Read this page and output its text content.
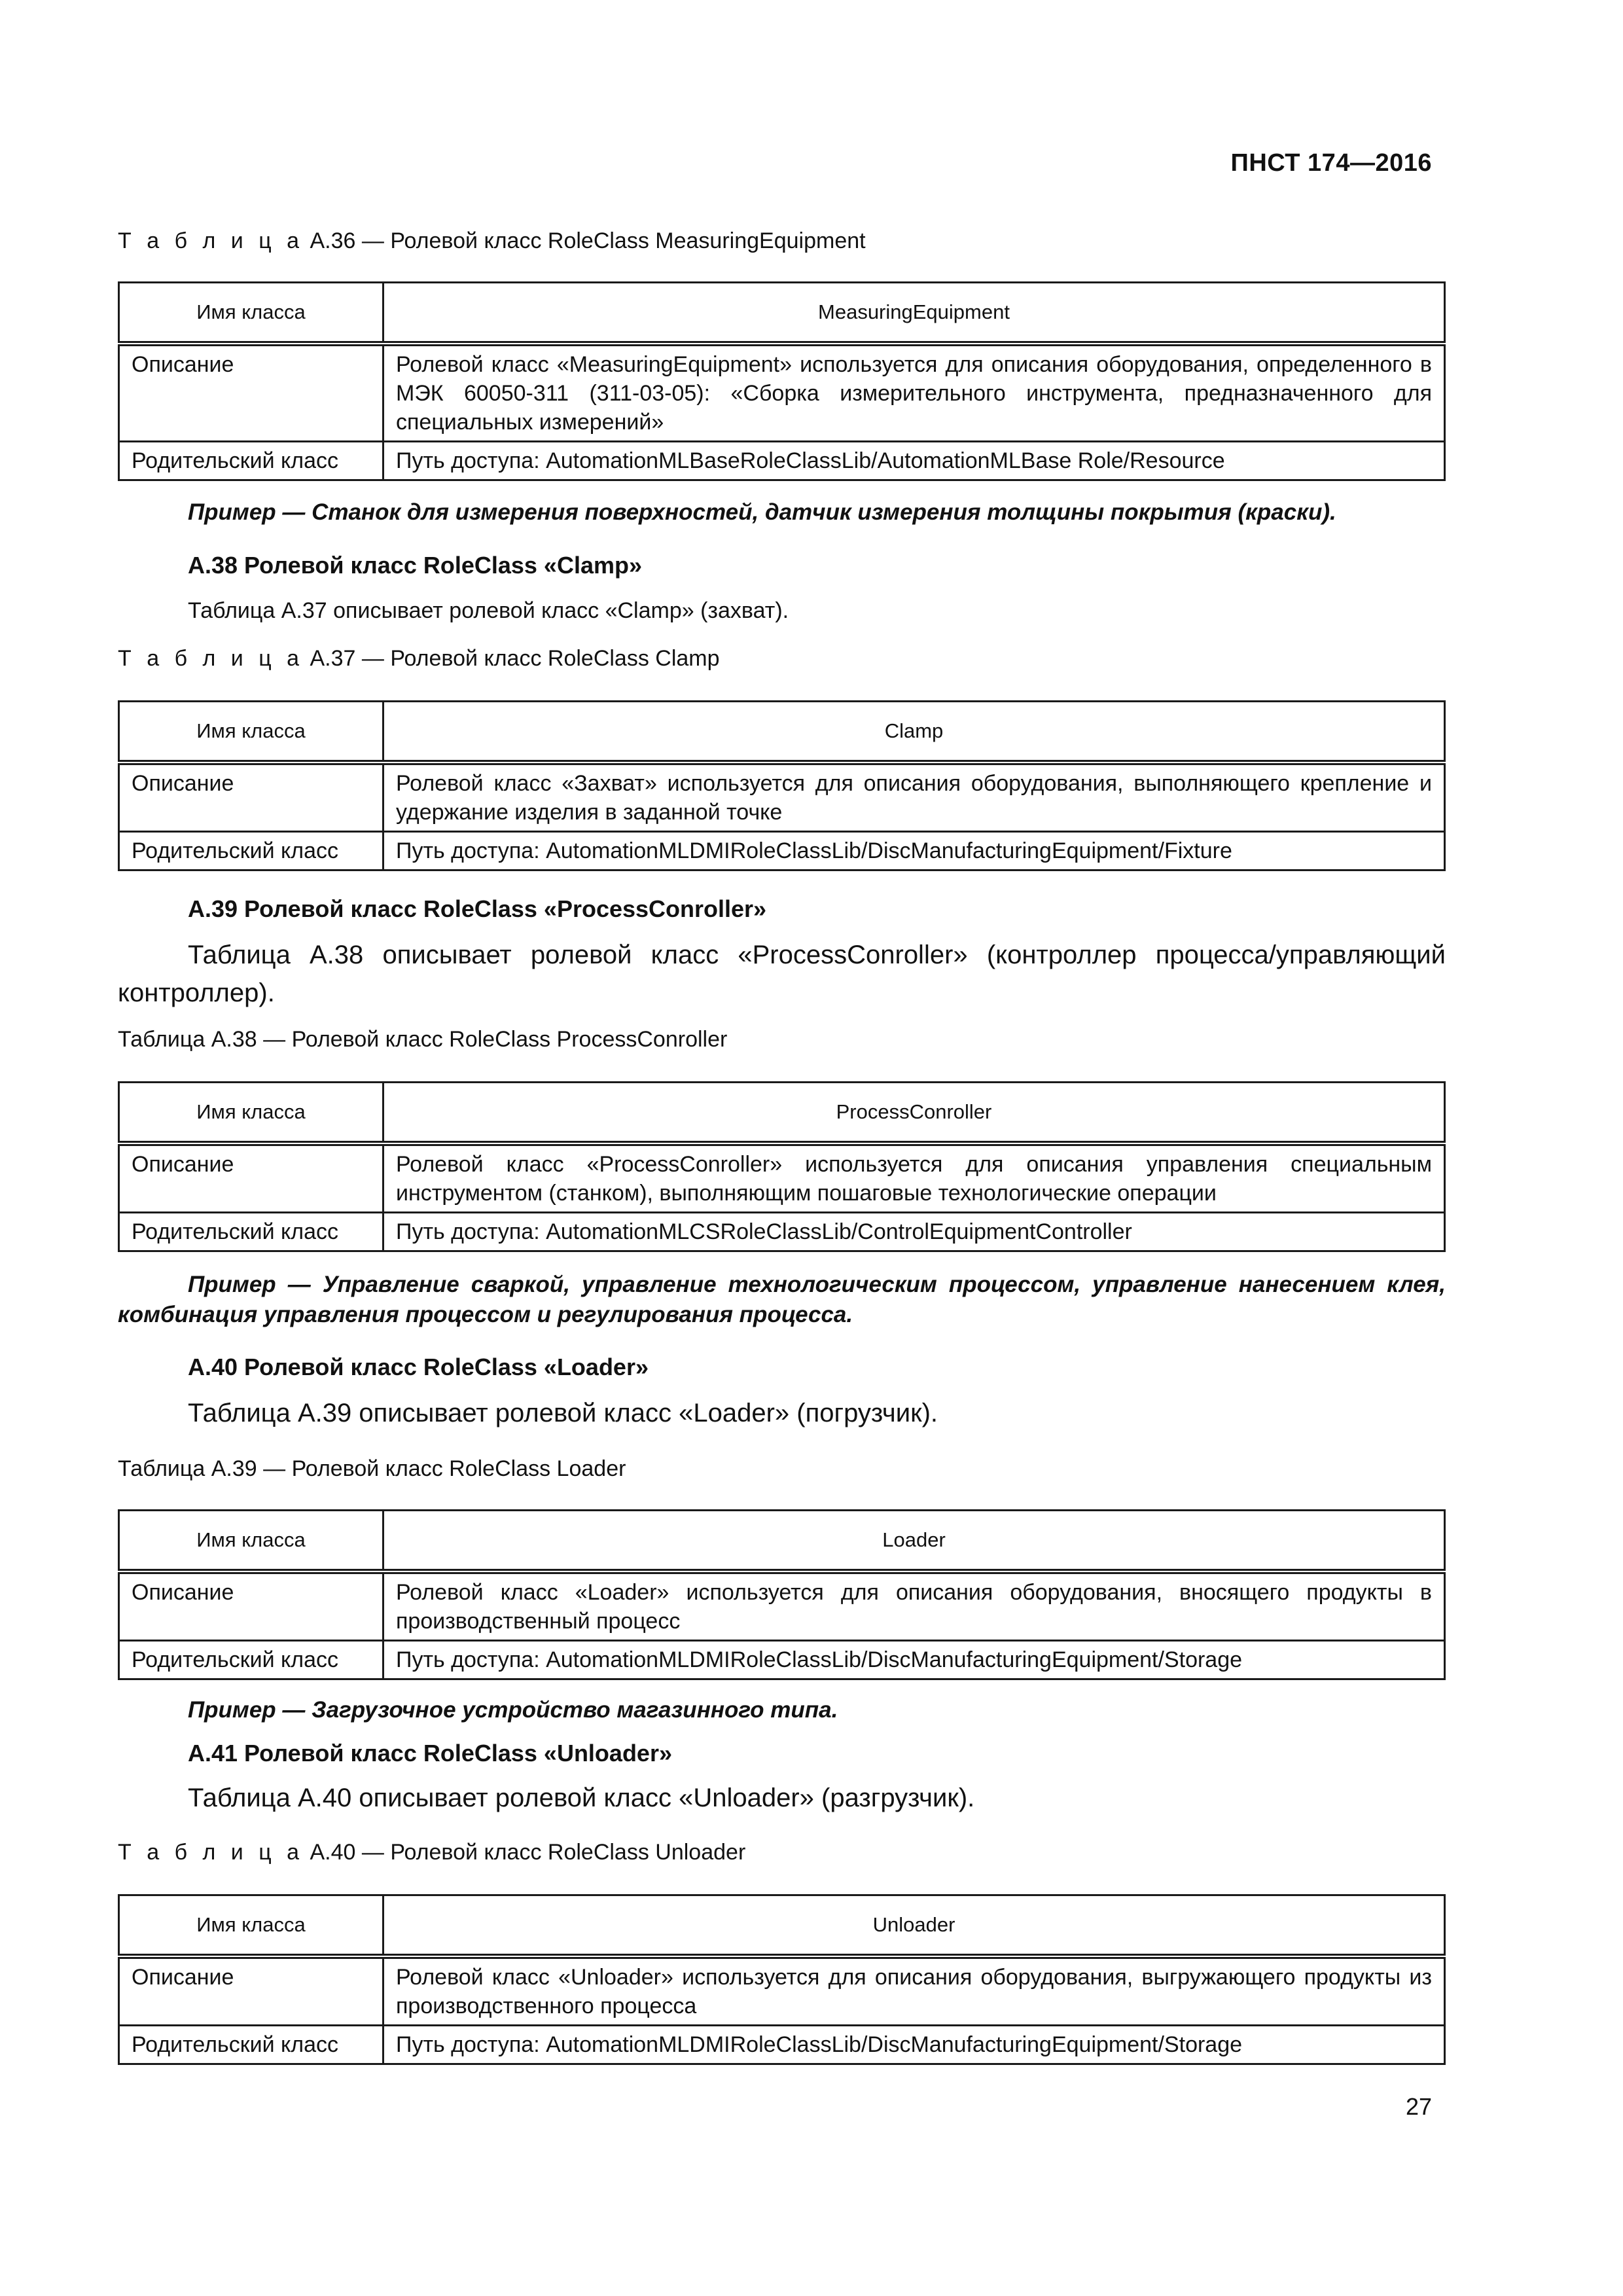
ПНСТ 174—2016
Т а б л и ц а А.36 — Ролевой класс RoleClass MeasuringEquipment
Имя класса	MeasuringEquipment
Описание	Ролевой класс «MeasuringEquipment» используется для описания оборудования, определенного в МЭК 60050-311 (311-03-05): «Сборка измерительного инструмента, предназначенного для специальных измерений»
Родительский класс	Путь доступа: AutomationMLBaseRoleClassLib/AutomationMLBase Role/Resource
Пример — Станок для измерения поверхностей, датчик измерения толщины покрытия (краски).
A.38 Ролевой класс RoleClass «Clamp»
Таблица А.37 описывает ролевой класс «Clamp» (захват).
Т а б л и ц а А.37 — Ролевой класс RoleClass Clamp
Имя класса	Clamp
Описание	Ролевой класс «Захват» используется для описания оборудования, выполняющего крепление и удержание изделия в заданной точке
Родительский класс	Путь доступа: AutomationMLDMIRoleClassLib/DiscManufacturingEquipment/Fixture
A.39 Ролевой класс RoleClass «ProcessConroller»
Таблица А.38 описывает ролевой класс «ProcessConroller» (контроллер процесса/управляющий контроллер).
Таблица А.38 — Ролевой класс RoleClass ProcessConroller
Имя класса	ProcessConroller
Описание	Ролевой класс «ProcessConroller» используется для описания управления специальным инструментом (станком), выполняющим пошаговые технологические операции
Родительский класс	Путь доступа: AutomationMLCSRoleClassLib/ControlEquipmentController
Пример — Управление сваркой, управление технологическим процессом, управление нанесением клея, комбинация управления процессом и регулирования процесса.
A.40 Ролевой класс RoleClass «Loader»
Таблица А.39 описывает ролевой класс «Loader» (погрузчик).
Таблица А.39 — Ролевой класс RoleClass Loader
Имя класса	Loader
Описание	Ролевой класс «Loader» используется для описания оборудования, вносящего продукты в производственный процесс
Родительский класс	Путь доступа: AutomationMLDMIRoleClassLib/DiscManufacturingEquipment/Storage
Пример — Загрузочное устройство магазинного типа.
A.41 Ролевой класс RoleClass «Unloader»
Таблица А.40 описывает ролевой класс «Unloader» (разгрузчик).
Т а б л и ц а А.40 — Ролевой класс RoleClass Unloader
Имя класса	Unloader
Описание	Ролевой класс «Unloader» используется для описания оборудования, выгружающего продукты из производственного процесса
Родительский класс	Путь доступа: AutomationMLDMIRoleClassLib/DiscManufacturingEquipment/Storage
27
